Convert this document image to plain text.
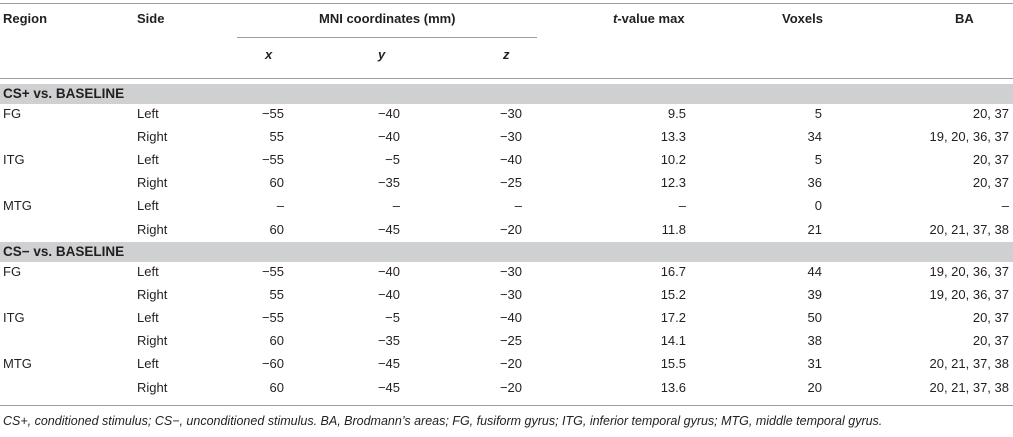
Region	Side	MNI coordinates (mm)	t-value max	Voxels	BA
x	y	z
CS+ vs. BASELINE
FG	Left	−55	−40	−30	9.5	5	20, 37
Right	55	−40	−30	13.3	34	19, 20, 36, 37
ITG	Left	−55	−5	−40	10.2	5	20, 37
Right	60	−35	−25	12.3	36	20, 37
MTG	Left	–	–	–	–	0	–
Right	60	−45	−20	11.8	21	20, 21, 37, 38
CS− vs. BASELINE
FG	Left	−55	−40	−30	16.7	44	19, 20, 36, 37
Right	55	−40	−30	15.2	39	19, 20, 36, 37
ITG	Left	−55	−5	−40	17.2	50	20, 37
Right	60	−35	−25	14.1	38	20, 37
MTG	Left	−60	−45	−20	15.5	31	20, 21, 37, 38
Right	60	−45	−20	13.6	20	20, 21, 37, 38
CS+, conditioned stimulus; CS−, unconditioned stimulus. BA, Brodmann’s areas; FG, fusiform gyrus; ITG, inferior temporal gyrus; MTG, middle temporal gyrus.
